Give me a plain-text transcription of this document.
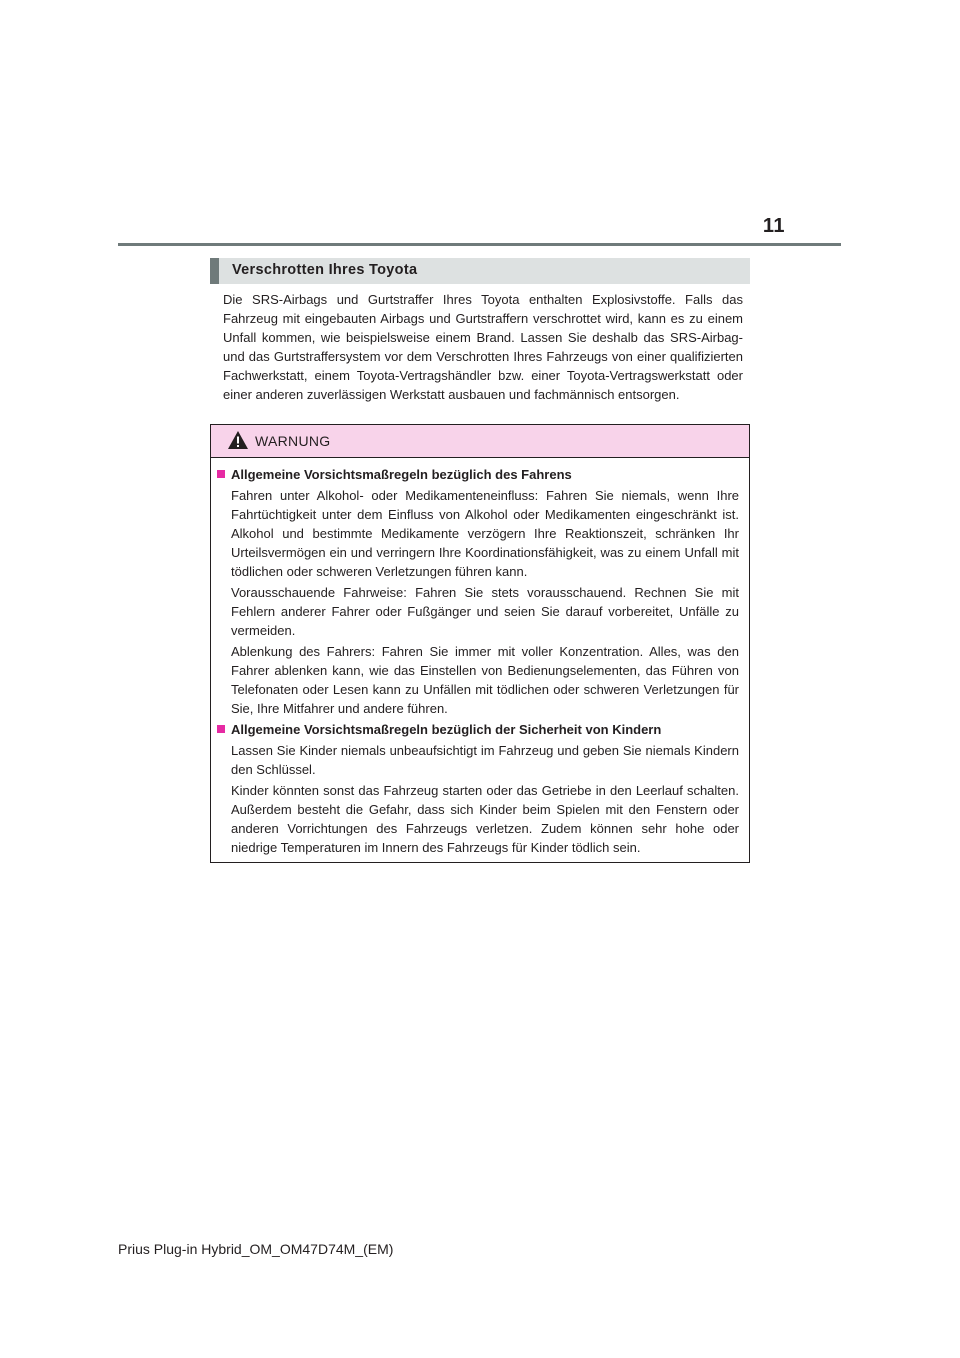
11
Verschrotten Ihres Toyota

Die SRS-Airbags und Gurtstraffer Ihres Toyota enthalten Explosivstoffe. Falls das Fahrzeug mit eingebauten Airbags und Gurtstraffern verschrottet wird, kann es zu einem Unfall kommen, wie beispielsweise einem Brand. Lassen Sie deshalb das SRS-Airbag- und das Gurtstraffersystem vor dem Verschrotten Ihres Fahrzeugs von einer qualifizierten Fachwerkstatt, einem Toyota-Vertragshändler bzw. einer Toyota-Vertragswerkstatt oder einer anderen zuverlässigen Werkstatt ausbauen und fachmännisch entsorgen.

WARNUNG
Allgemeine Vorsichtsmaßregeln bezüglich des Fahrens

Fahren unter Alkohol- oder Medikamenteneinfluss: Fahren Sie niemals, wenn Ihre Fahrtüchtigkeit unter dem Einfluss von Alkohol oder Medikamenten eingeschränkt ist. Alkohol und bestimmte Medikamente verzögern Ihre Reaktionszeit, schränken Ihr Urteilsvermögen ein und verringern Ihre Koordinationsfähigkeit, was zu einem Unfall mit tödlichen oder schweren Verletzungen führen kann.

Vorausschauende Fahrweise: Fahren Sie stets vorausschauend. Rechnen Sie mit Fehlern anderer Fahrer oder Fußgänger und seien Sie darauf vorbereitet, Unfälle zu vermeiden.

Ablenkung des Fahrers: Fahren Sie immer mit voller Konzentration. Alles, was den Fahrer ablenken kann, wie das Einstellen von Bedienungselementen, das Führen von Telefonaten oder Lesen kann zu Unfällen mit tödlichen oder schweren Verletzungen für Sie, Ihre Mitfahrer und andere führen.

Allgemeine Vorsichtsmaßregeln bezüglich der Sicherheit von Kindern

Lassen Sie Kinder niemals unbeaufsichtigt im Fahrzeug und geben Sie niemals Kindern den Schlüssel.

Kinder könnten sonst das Fahrzeug starten oder das Getriebe in den Leerlauf schalten. Außerdem besteht die Gefahr, dass sich Kinder beim Spielen mit den Fenstern oder anderen Vorrichtungen des Fahrzeugs verletzen. Zudem können sehr hohe oder niedrige Temperaturen im Innern des Fahrzeugs für Kinder tödlich sein.

Prius Plug-in Hybrid_OM_OM47D74M_(EM)
